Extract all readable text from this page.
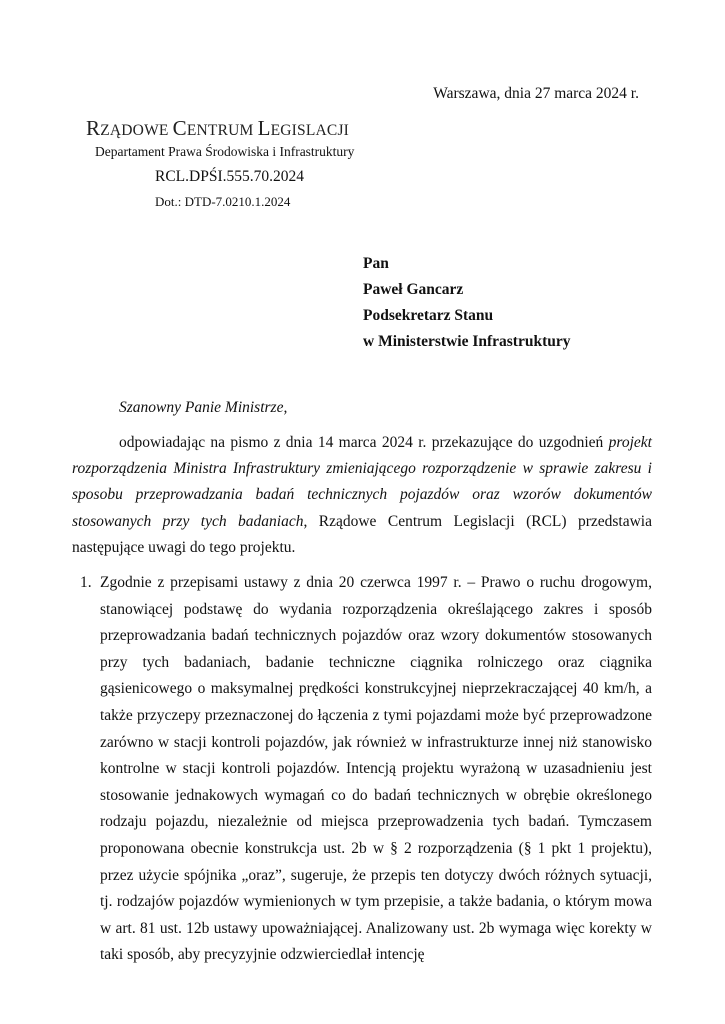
Warszawa, dnia 27 marca 2024 r.
RZĄDOWE CENTRUM LEGISLACJI
Departament Prawa Środowiska i Infrastruktury
RCL.DPŚI.555.70.2024
Dot.: DTD-7.0210.1.2024
Pan
Paweł Gancarz
Podsekretarz Stanu
w Ministerstwie Infrastruktury
Szanowny Panie Ministrze,
odpowiadając na pismo z dnia 14 marca 2024 r. przekazujące do uzgodnień projekt rozporządzenia Ministra Infrastruktury zmieniającego rozporządzenie w sprawie zakresu i sposobu przeprowadzania badań technicznych pojazdów oraz wzorów dokumentów stosowanych przy tych badaniach, Rządowe Centrum Legislacji (RCL) przedstawia następujące uwagi do tego projektu.
1. Zgodnie z przepisami ustawy z dnia 20 czerwca 1997 r. – Prawo o ruchu drogowym, stanowiącej podstawę do wydania rozporządzenia określającego zakres i sposób przeprowadzania badań technicznych pojazdów oraz wzory dokumentów stosowanych przy tych badaniach, badanie techniczne ciągnika rolniczego oraz ciągnika gąsienicowego o maksymalnej prędkości konstrukcyjnej nieprzekraczającej 40 km/h, a także przyczepy przeznaczonej do łączenia z tymi pojazdami może być przeprowadzone zarówno w stacji kontroli pojazdów, jak również w infrastrukturze innej niż stanowisko kontrolne w stacji kontroli pojazdów. Intencją projektu wyrażoną w uzasadnieniu jest stosowanie jednakowych wymagań co do badań technicznych w obrębie określonego rodzaju pojazdu, niezależnie od miejsca przeprowadzenia tych badań. Tymczasem proponowana obecnie konstrukcja ust. 2b w § 2 rozporządzenia (§ 1 pkt 1 projektu), przez użycie spójnika „oraz”, sugeruje, że przepis ten dotyczy dwóch różnych sytuacji, tj. rodzajów pojazdów wymienionych w tym przepisie, a także badania, o którym mowa w art. 81 ust. 12b ustawy upoważniającej. Analizowany ust. 2b wymaga więc korekty w taki sposób, aby precyzyjnie odzwierciedlał intencję
